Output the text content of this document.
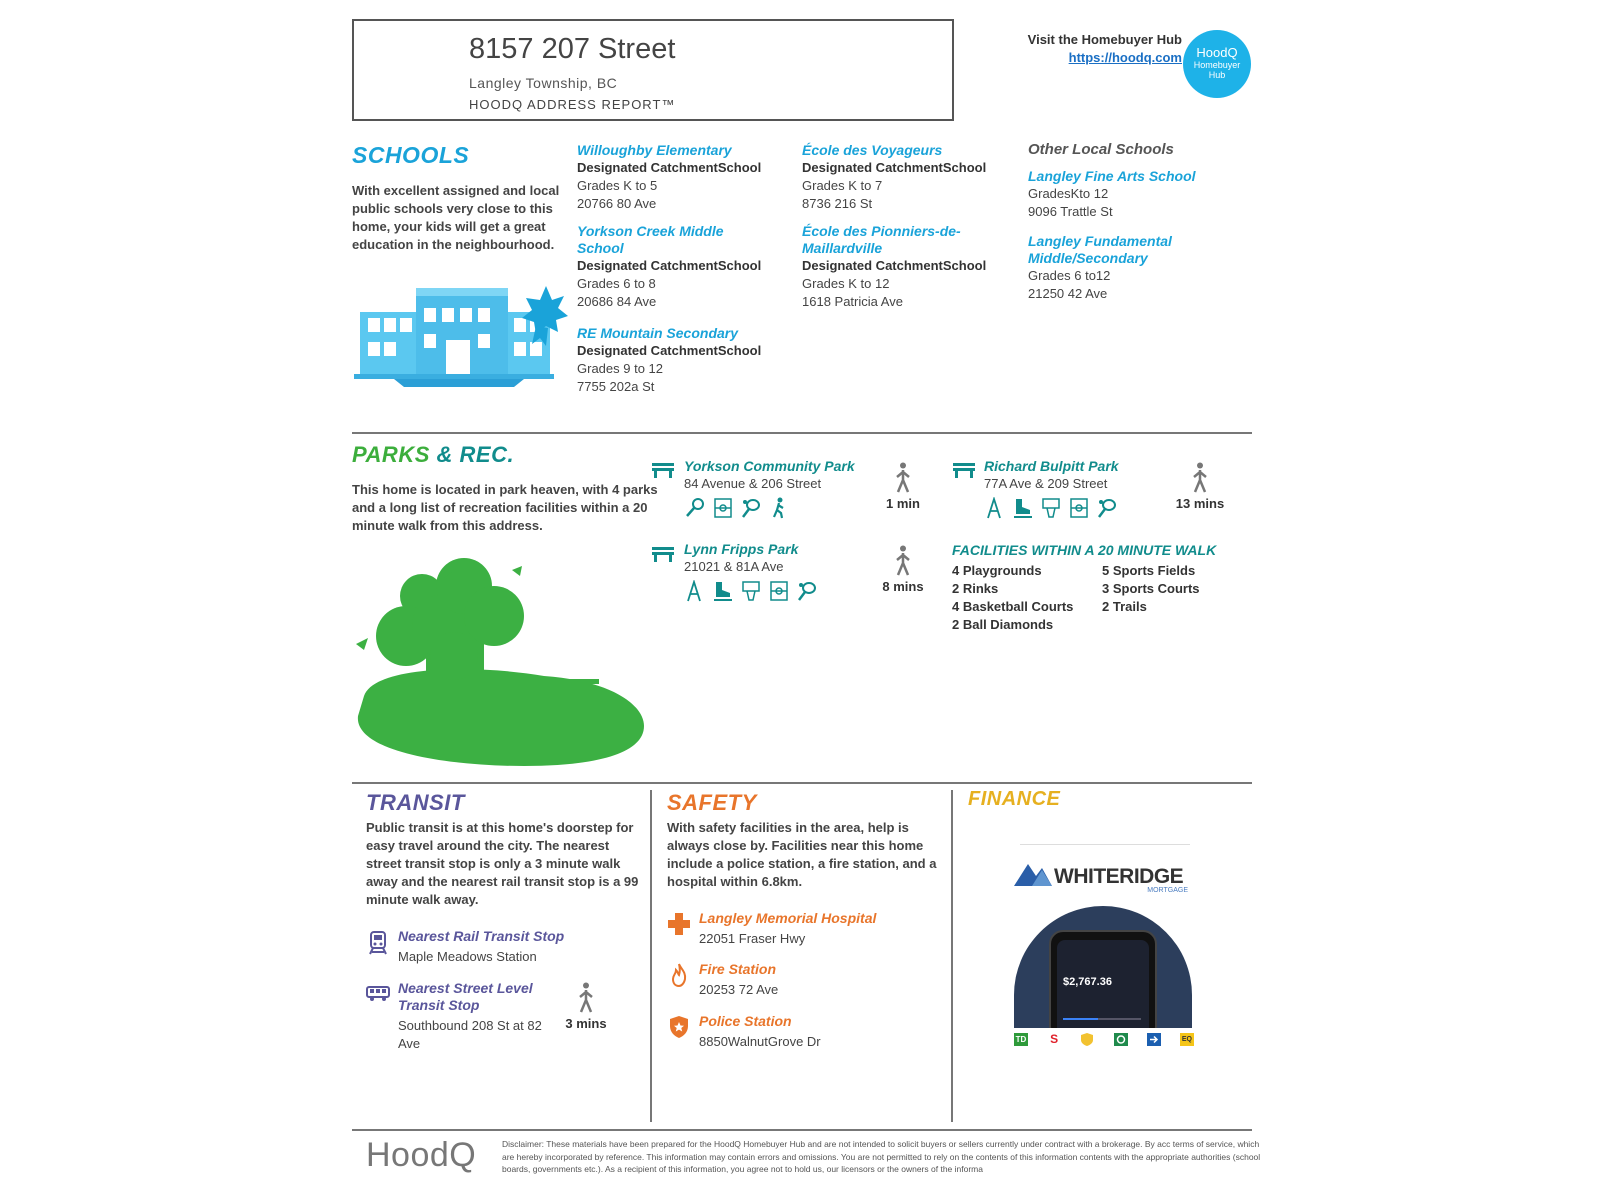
8157 207 Street
Langley Township, BC
HOODQ ADDRESS REPORT™
Visit the Homebuyer Hub
https://hoodq.com	HoodQ
Homebuyer
Hub
SCHOOLS
With excellent assigned and local public schools very close to this home, your kids will get a great education in the neighbourhood.
Willoughby Elementary
Designated CatchmentSchool
Grades K to 5
20766 80 Ave
Yorkson Creek Middle School
Designated CatchmentSchool
Grades 6 to 8
20686 84 Ave
RE Mountain Secondary
Designated CatchmentSchool
Grades 9 to 12
7755 202a St
École des Voyageurs
Designated CatchmentSchool
Grades K to 7
8736 216 St
École des Pionniers-de-Maillardville
Designated CatchmentSchool
Grades K to 12
1618 Patricia Ave
Other Local Schools
Langley Fine Arts School
GradesKto 12
9096 Trattle St
Langley Fundamental Middle/Secondary
Grades 6 to12
21250 42 Ave
PARKS & REC.
This home is located in park heaven, with 4 parks and a long list of recreation facilities within a 20 minute walk from this address.
Yorkson Community Park
84 Avenue & 206 Street
1 min
Richard Bulpitt Park
77A Ave & 209 Street
13 mins
Lynn Fripps Park
21021 & 81A Ave
8 mins
FACILITIES WITHIN A 20 MINUTE WALK
4 Playgrounds
2 Rinks
4 Basketball Courts
2 Ball Diamonds
5 Sports Fields
3 Sports Courts
2 Trails
TRANSIT
Public transit is at this home's doorstep for easy travel around the city. The nearest street transit stop is only a 3 minute walk away and the nearest rail transit stop is a 99 minute walk away.
Nearest Rail Transit Stop
Maple Meadows Station
Nearest Street Level Transit Stop
Southbound 208 St at 82 Ave
3 mins
SAFETY
With safety facilities in the area, help is always close by. Facilities near this home include a police station, a fire station, and a hospital within 6.8km.
Langley Memorial Hospital
22051 Fraser Hwy
Fire Station
20253 72 Ave
Police Station
8850WalnutGrove Dr
FINANCE
WHITERIDGE
MORTGAGE
$2,767.36
TD S	EQ
HoodQ	Disclaimer: These materials have been prepared for the HoodQ Homebuyer Hub and are not intended to solicit buyers or sellers currently under contract with a brokerage. By acc terms of service, which are hereby incorporated by reference. This information may contain errors and omissions. You are not permitted to rely on the contents of this information contents with the appropriate authorities (school boards, governments etc.). As a recipient of this information, you agree not to hold us, our licensors or the owners of the informa
